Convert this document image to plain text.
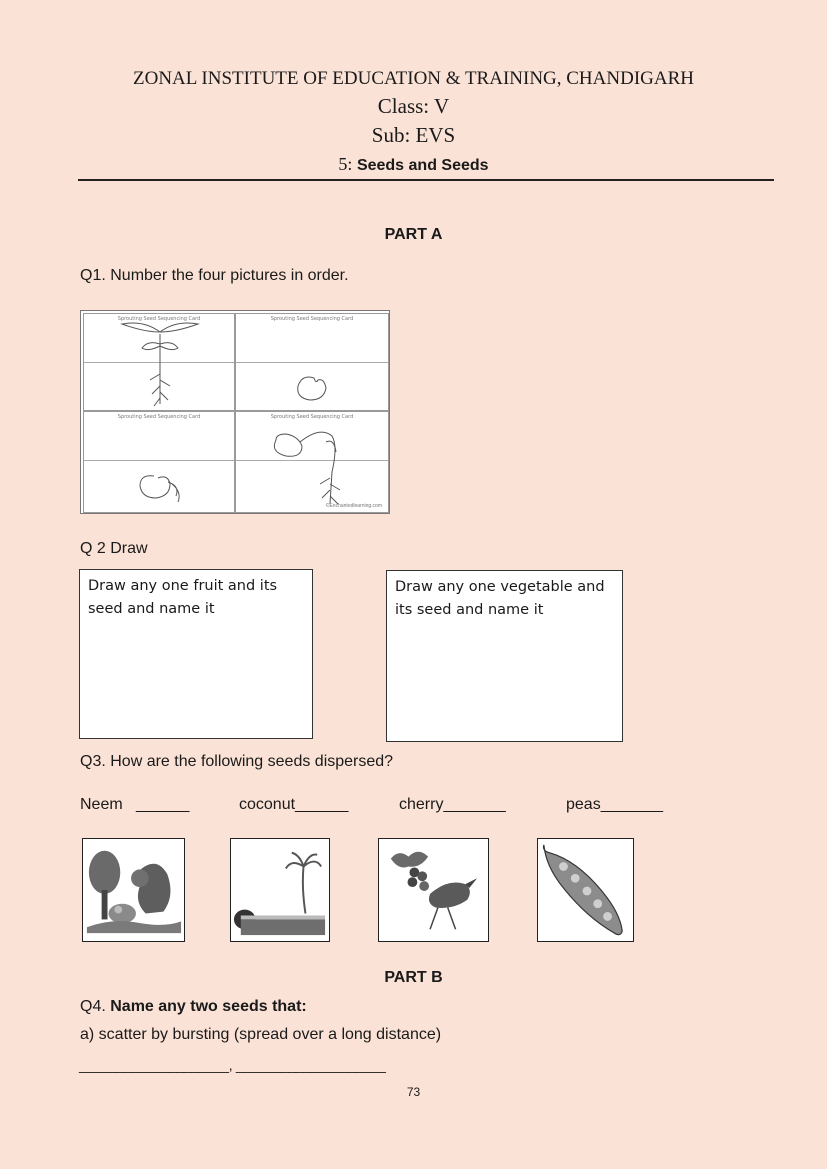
ZONAL INSTITUTE OF EDUCATION & TRAINING, CHANDIGARH
Class: V
Sub: EVS
5: Seeds and Seeds
PART A
Q1. Number the four pictures in order.
Sprouting Seed Sequencing Card	Sprouting Seed Sequencing Card
Sprouting Seed Sequencing Card	Sprouting Seed Sequencing Card
©Enchantedlearning.com
Q 2 Draw
Draw any one fruit and its seed and name it
Draw any one vegetable and its seed and name it
Q3. How are the following seeds dispersed?
Neem   ______	coconut______	cherry_______	peas_______
PART B
Q4. Name any two seeds that:
a) scatter by bursting (spread over a long distance)
____________________, ____________________
73
